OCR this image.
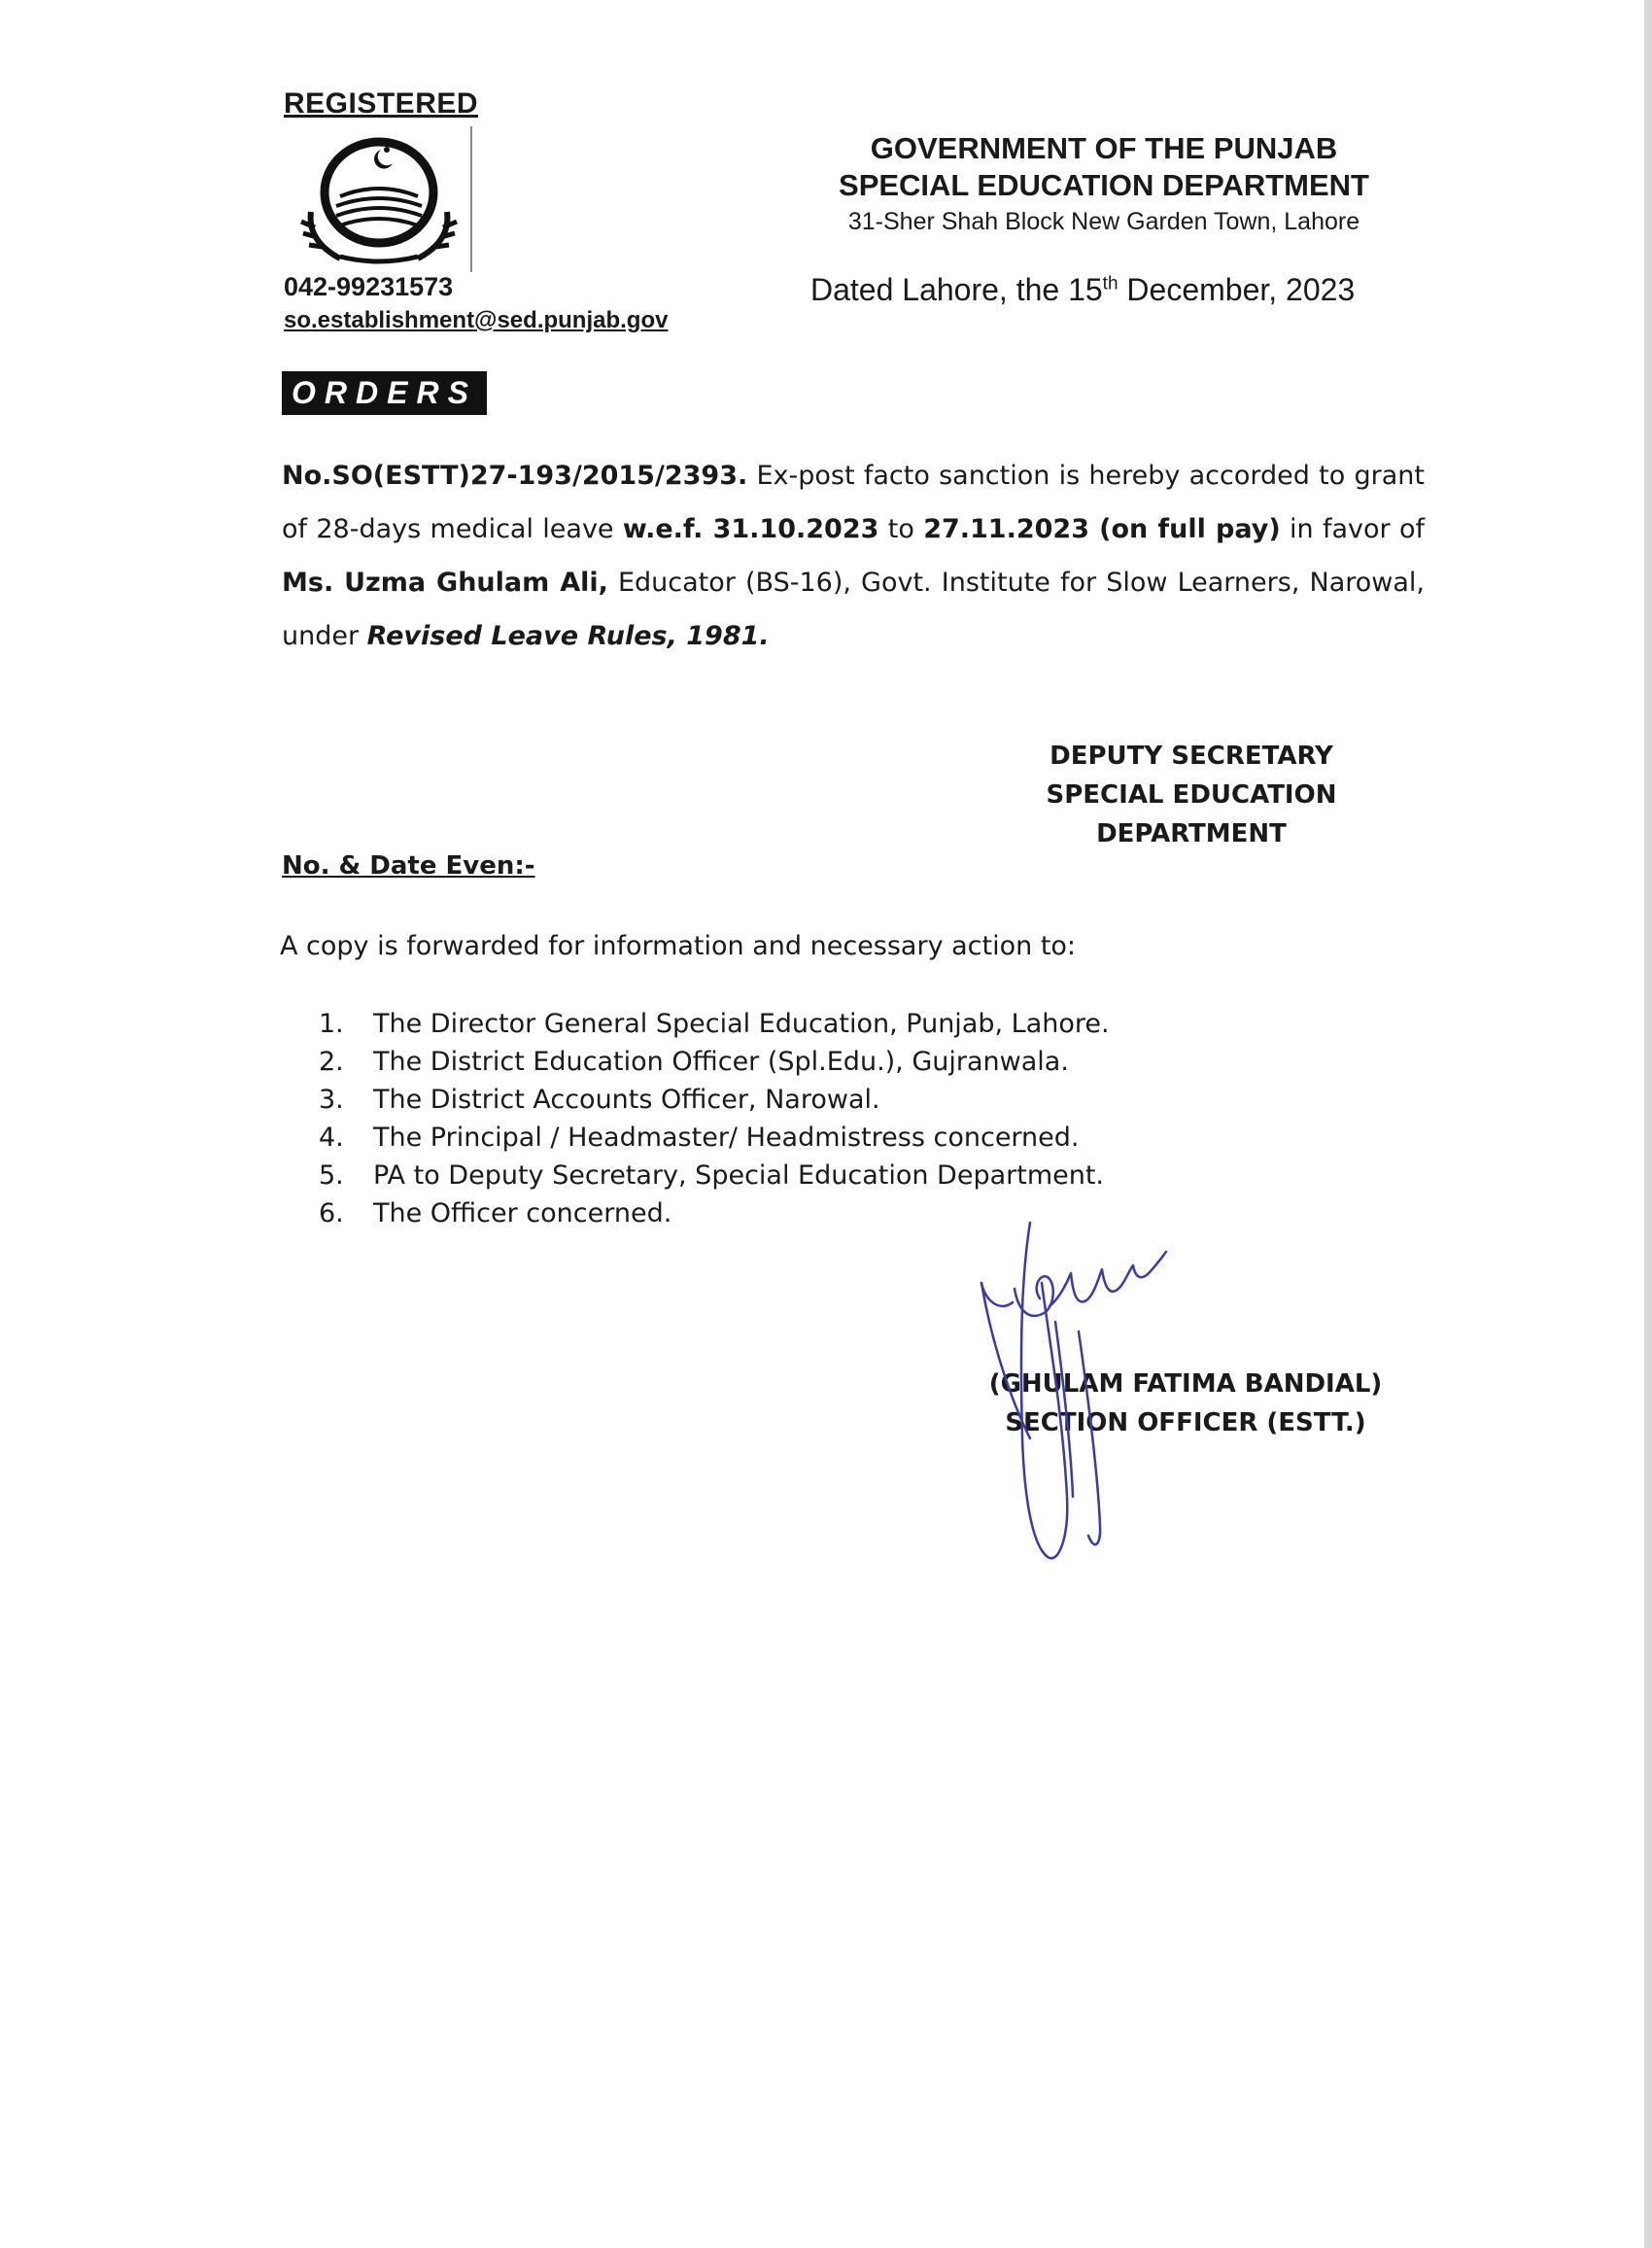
REGISTERED
042-99231573
so.establishment@sed.punjab.gov
GOVERNMENT OF THE PUNJAB
SPECIAL EDUCATION DEPARTMENT
31-Sher Shah Block New Garden Town, Lahore
Dated Lahore, the 15th December, 2023
ORDERS
No.SO(ESTT)27-193/2015/2393. Ex-post facto sanction is hereby accorded to grant of 28-days medical leave w.e.f. 31.10.2023 to 27.11.2023 (on full pay) in favor of Ms. Uzma Ghulam Ali, Educator (BS-16), Govt. Institute for Slow Learners, Narowal, under Revised Leave Rules, 1981.
DEPUTY SECRETARY
SPECIAL EDUCATION
DEPARTMENT
No. & Date Even:-
A copy is forwarded for information and necessary action to:
1.	The Director General Special Education, Punjab, Lahore.
2.	The District Education Officer (Spl.Edu.), Gujranwala.
3.	The District Accounts Officer, Narowal.
4.	The Principal / Headmaster/ Headmistress concerned.
5.	PA to Deputy Secretary, Special Education Department.
6.	The Officer concerned.
(GHULAM FATIMA BANDIAL)
SECTION OFFICER (ESTT.)
